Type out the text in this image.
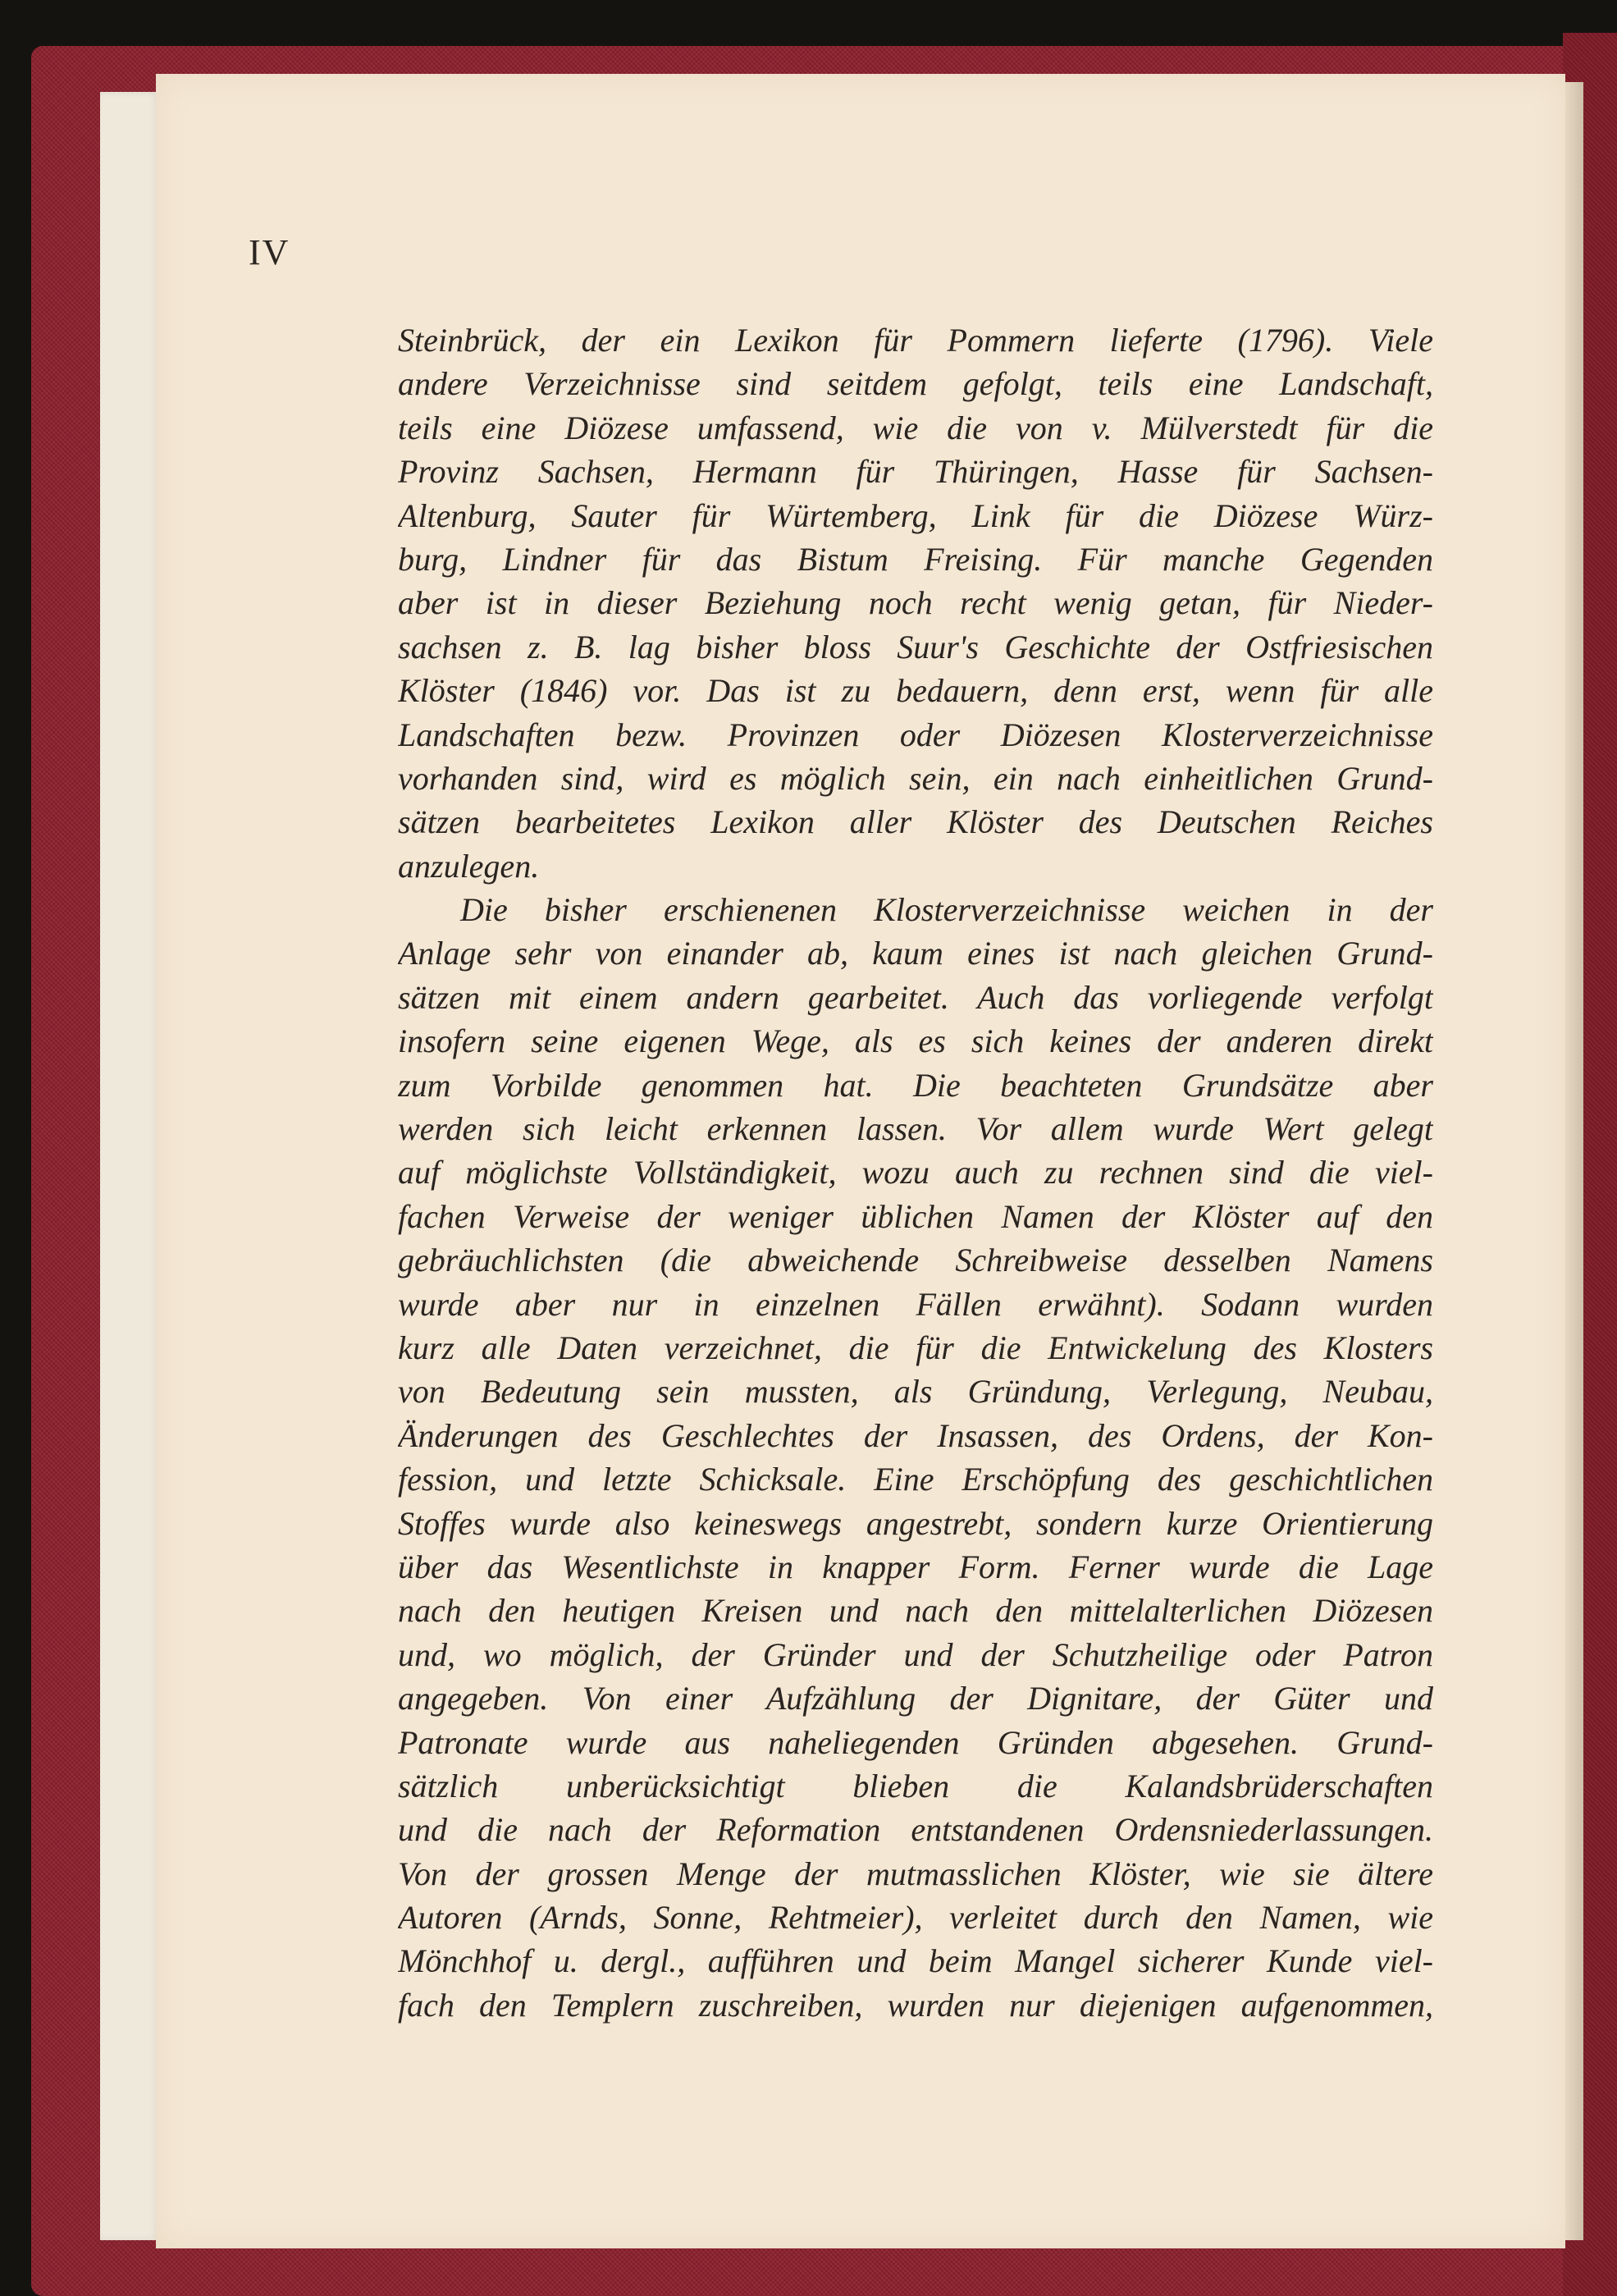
IV
Steinbrück, der ein Lexikon für Pommern lieferte (1796). Viele
andere Verzeichnisse sind seitdem gefolgt, teils eine Landschaft,
teils eine Diözese umfassend, wie die von v. Mülverstedt für die
Provinz Sachsen, Hermann für Thüringen, Hasse für Sachsen-
Altenburg, Sauter für Würtemberg, Link für die Diözese Würz-
burg, Lindner für das Bistum Freising. Für manche Gegenden
aber ist in dieser Beziehung noch recht wenig getan, für Nieder-
sachsen z. B. lag bisher bloss Suur's Geschichte der Ostfriesischen
Klöster (1846) vor. Das ist zu bedauern, denn erst, wenn für alle
Landschaften bezw. Provinzen oder Diözesen Klosterverzeichnisse
vorhanden sind, wird es möglich sein, ein nach einheitlichen Grund-
sätzen bearbeitetes Lexikon aller Klöster des Deutschen Reiches
anzulegen.
Die bisher erschienenen Klosterverzeichnisse weichen in der
Anlage sehr von einander ab, kaum eines ist nach gleichen Grund-
sätzen mit einem andern gearbeitet. Auch das vorliegende verfolgt
insofern seine eigenen Wege, als es sich keines der anderen direkt
zum Vorbilde genommen hat. Die beachteten Grundsätze aber
werden sich leicht erkennen lassen. Vor allem wurde Wert gelegt
auf möglichste Vollständigkeit, wozu auch zu rechnen sind die viel-
fachen Verweise der weniger üblichen Namen der Klöster auf den
gebräuchlichsten (die abweichende Schreibweise desselben Namens
wurde aber nur in einzelnen Fällen erwähnt). Sodann wurden
kurz alle Daten verzeichnet, die für die Entwickelung des Klosters
von Bedeutung sein mussten, als Gründung, Verlegung, Neubau,
Änderungen des Geschlechtes der Insassen, des Ordens, der Kon-
fession, und letzte Schicksale. Eine Erschöpfung des geschichtlichen
Stoffes wurde also keineswegs angestrebt, sondern kurze Orientierung
über das Wesentlichste in knapper Form. Ferner wurde die Lage
nach den heutigen Kreisen und nach den mittelalterlichen Diözesen
und, wo möglich, der Gründer und der Schutzheilige oder Patron
angegeben. Von einer Aufzählung der Dignitare, der Güter und
Patronate wurde aus naheliegenden Gründen abgesehen. Grund-
sätzlich unberücksichtigt blieben die Kalandsbrüderschaften
und die nach der Reformation entstandenen Ordensniederlassungen.
Von der grossen Menge der mutmasslichen Klöster, wie sie ältere
Autoren (Arnds, Sonne, Rehtmeier), verleitet durch den Namen, wie
Mönchhof u. dergl., aufführen und beim Mangel sicherer Kunde viel-
fach den Templern zuschreiben, wurden nur diejenigen aufgenommen,
